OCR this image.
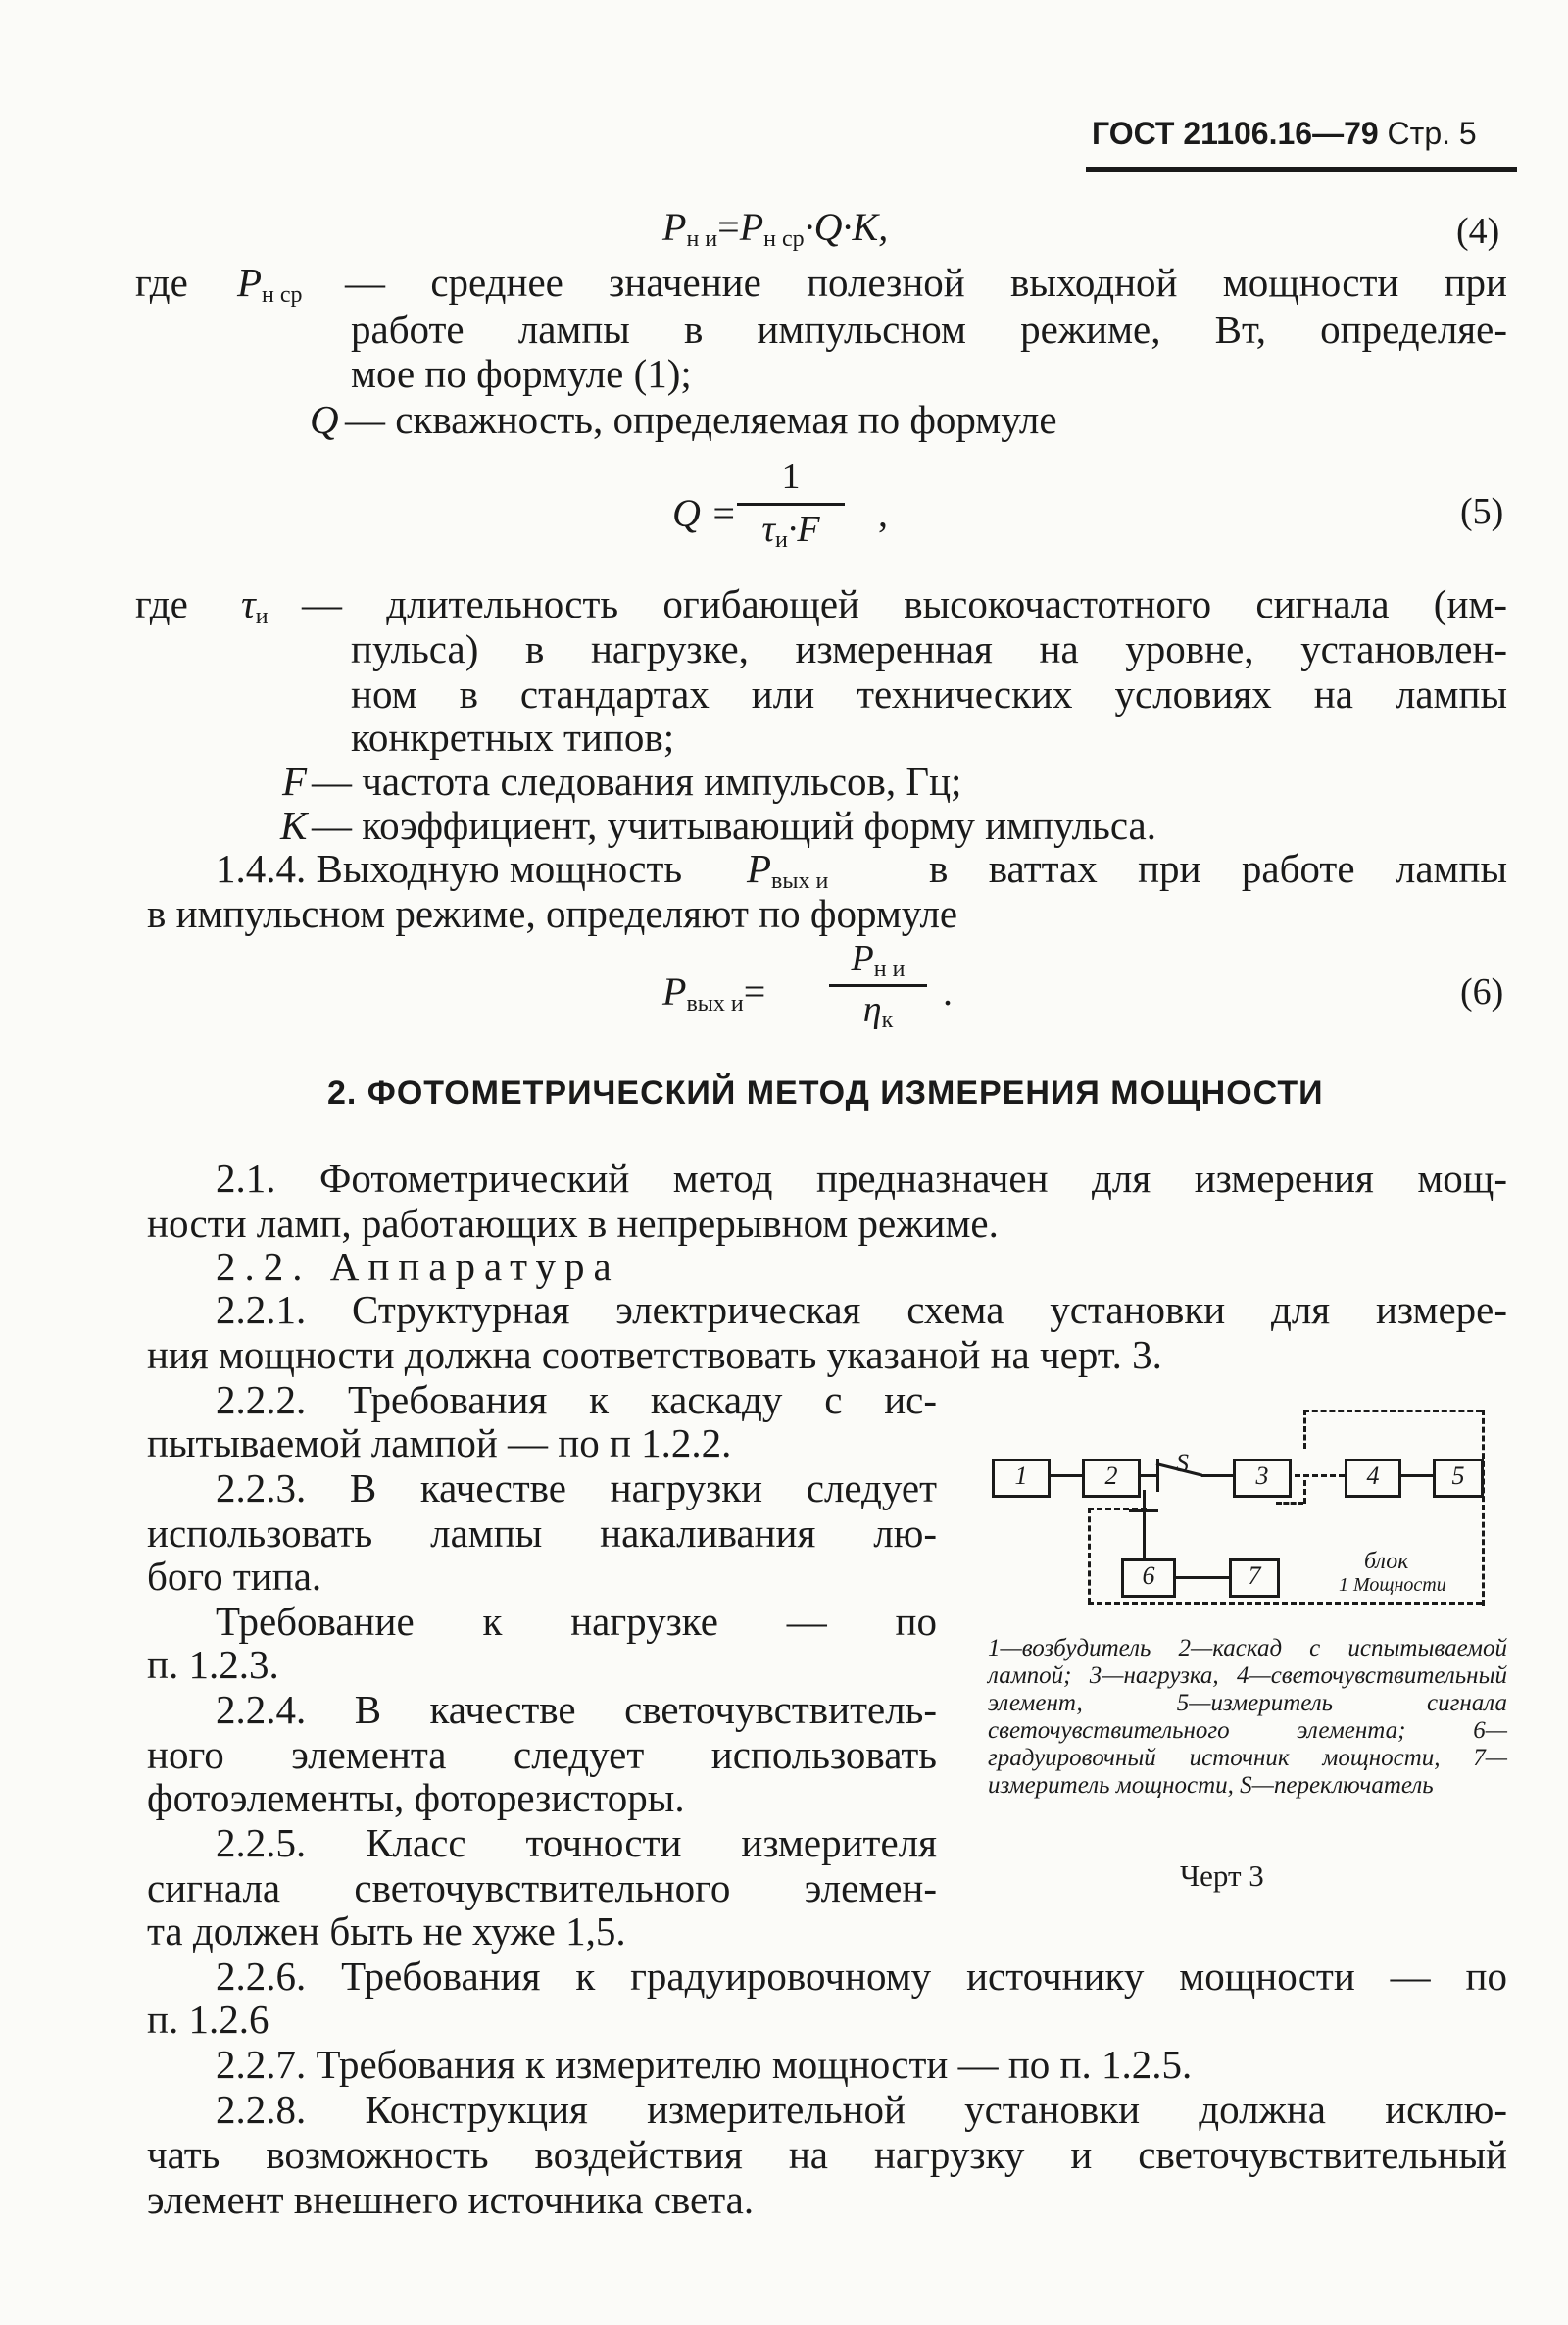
ГОСТ 21106.16—79 Стр. 5
$P_{н и}=P_{н ср}\cdot Q\cdot K$,	(4)
где $P_{н ср}$ — среднее значение полезной выходной мощности при
работе лампы в импульсном режиме, Вт, определяе-
мое по формуле (1);
Q — скважность, определяемая по формуле
Q =
1
$\tau_и\cdot F$	,	(5)
где $\tau_и$ — длительность огибающей высокочастотного сигнала (им-
пульса) в нагрузке, измеренная на уровне, установлен-
ном в стандартах или технических условиях на лампы
конкретных типов;
F — частота следования импульсов, Гц;
K — коэффициент, учитывающий форму импульса.
1.4.4. Выходную мощность $P_{вых и}$	в ваттах при работе лампы
в импульсном режиме, определяют по формуле
$P_{вых и}=$
$P_{н и}$
$\eta_к$
.	(6)
2. ФОТОМЕТРИЧЕСКИЙ МЕТОД ИЗМЕРЕНИЯ МОЩНОСТИ
2.1. Фотометрический метод предназначен для измерения мощ-
ности ламп, работающих в непрерывном режиме.
2.2. Аппаратура
2.2.1. Структурная электрическая схема установки для измере-
ния мощности должна соответствовать указаной на черт. 3.
2.2.2. Требования к каскаду с ис-
пытываемой лампой — по п 1.2.2.
2.2.3. В качестве нагрузки следует
использовать лампы накаливания лю-
бого типа.
Требование к нагрузке — по
п. 1.2.3.
2.2.4. В качестве светочувствитель-
ного элемента следует использовать
фотоэлементы, фоторезисторы.
2.2.5. Класс точности измерителя
сигнала светочувствительного элемен-
та должен быть не хуже 1,5.
2.2.6. Требования к градуировочному источнику мощности — по
п. 1.2.6
2.2.7. Требования к измерителю мощности — по п. 1.2.5.
2.2.8. Конструкция измерительной установки должна исклю-
чать возможность воздействия на нагрузку и светочувствительный
элемент внешнего источника света.
1	2	3	4	5
6	7
S
блок
1 Мощности
1—возбудитель 2—каскад с испытываемой лампой; 3—нагрузка, 4—светочувствительный элемент, 5—измеритель сигнала светочувствительного элемента; 6—градуировочный источник мощности, 7—измеритель мощности, S—переключатель
Черт 3
